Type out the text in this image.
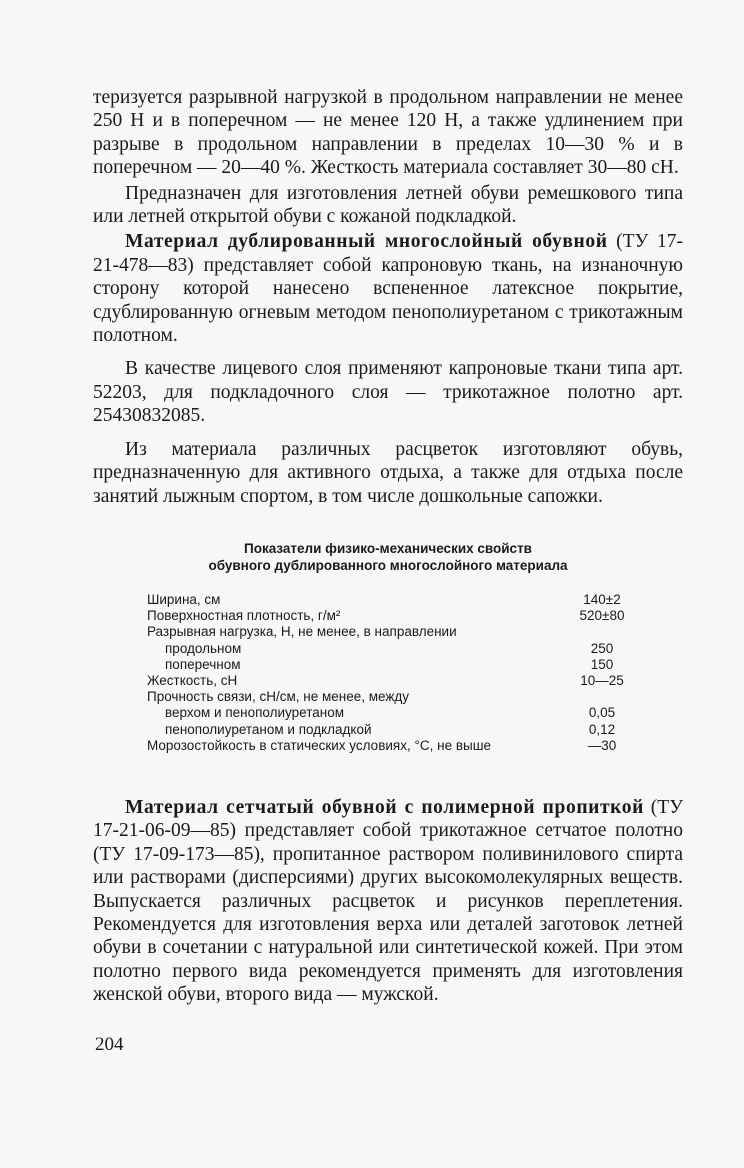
теризуется разрывной нагрузкой в продольном направлении не менее 250 Н и в поперечном — не менее 120 Н, а также удлинением при разрыве в продольном направлении в пределах 10—30 % и в поперечном — 20—40 %. Жесткость материала составляет 30—80 сН.

Предназначен для изготовления летней обуви ремешкового типа или летней открытой обуви с кожаной подкладкой.

Материал дублированный многослойный обувной (ТУ 17-21-478—83) представляет собой капроновую ткань, на изнаночную сторону которой нанесено вспененное латексное покрытие, сдублированную огневым методом пенополиуретаном с трикотажным полотном.

В качестве лицевого слоя применяют капроновые ткани типа арт. 52203, для подкладочного слоя — трикотажное полотно арт. 25430832085.

Из материала различных расцветок изготовляют обувь, предназначенную для активного отдыха, а также для отдыха после занятий лыжным спортом, в том числе дошкольные сапожки.

Показатели физико-механических свойств
обувного дублированного многослойного материала
Ширина, см	140±2
Поверхностная плотность, г/м²	520±80
Разрывная нагрузка, Н, не менее, в направлении
продольном	250
поперечном	150
Жесткость, сН	10—25
Прочность связи, сН/см, не менее, между
верхом и пенополиуретаном	0,05
пенополиуретаном и подкладкой	0,12
Морозостойкость в статических условиях, °С, не выше	—30

Материал сетчатый обувной с полимерной пропиткой (ТУ 17-21-06-09—85) представляет собой трикотажное сетчатое полотно (ТУ 17-09-173—85), пропитанное раствором поливинилового спирта или растворами (дисперсиями) других высокомолекулярных веществ. Выпускается различных расцветок и рисунков переплетения. Рекомендуется для изготовления верха или деталей заготовок летней обуви в сочетании с натуральной или синтетической кожей. При этом полотно первого вида рекомендуется применять для изготовления женской обуви, второго вида — мужской.

204
